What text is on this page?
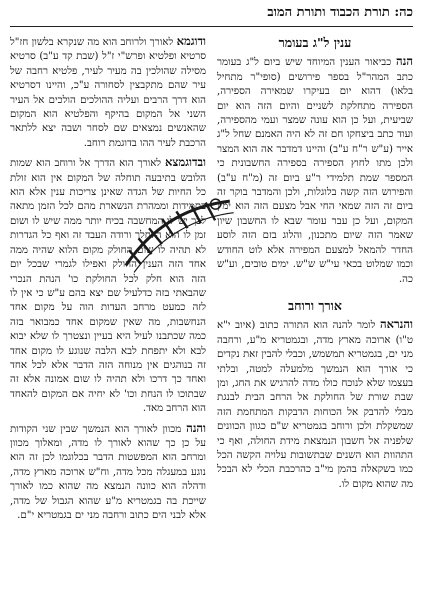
כה: תורת הכבוד ותורת המוב
ענין ל"ג בעומר

הנה כביאור הענין המיוחד שיש ביום ל"ג בעומר כתב המהר"ל בספר פירושים (סופי"ר מתחיל בלאו) דהוא יום בעיקרו שמאירה הספירה, הספירה מתחלקת לשניים והיום הזה הוא יום שביעית, ועל כן הוא עונה שמצר ועמי מהספירה, ועוד כתב ביצחקו חם זה לא היה האמנם שחל ל"ג אייר (ע"ש ר"ח ע"ב) והיינו דמדבר אה הוא המצר ולכן מתו לחוץ הספירה בספירה החשבונית כי המספר שמת תלמידי ר"ע ביום זה (מ"ח ע"ב) והפירוש הזה קשה בלוגלות, ולכן והמדבר בוקר זה ביום זה הזה שמאי החי אבל מצעם הזה הוא ימין המקום, ועל כן עבר עומר שבא לו החשבון שיון שאמר הזה שיום מתכנון, והלוג בזם הזה לוסע החדר להמאל למצעם המפירה אלא לוט החודש וכמו שמלוט בכאי עי"ש ש"ש. ימים טובים, וע"ש כה.

אורך ורוחב

והנראה לומר להנה הוא התורה כתוב (איוב י"א ט"ו) ארוכה מארץ מדה, ובגמטריא מ"ע, ורחבה מני ים, בגמטריא תמשמש, וכבלי להבין זאת נקדים כי אורך הוא הנמשך מלמעלה למטה, ובלתי בעצמו שלא לנוכח כולו מדה להרגיש את החג, ומן שבת שורת של החולקת אל הרחב הבית לבנגת מבלי להדבק אל הכוחות הדבקות המתחמת הזה שמשקלת ולכן ורוחב בגמטריא ש"ם כגוון הכוונים שלפניה אל חשבון הנמצאת מידת החולה, ואף כי התהוות הוא השנים שבתשובות עלויה הקשה הכל כמו בשקאלה בהמן מי"ב כהרכבת הכלי לא הבכל מה שהוא מקום לו.

ודוגמא לאורך ולרוחב הוא מה שנקרא בלשון חז"ל סרטיא ופלטיא ופרש"י ז"ל (שבת קד ע"ב) סרטיא מסילה שהולכין בה מעיר לעיר, פלטיא רחבה של עיר שהם מתקבצין לסחורה ע"כ, והיינו דסרטיא הוא דרך הרבים ועליה ההולכים הולכים אל העיר השני אל המקום בהיקף והפלטיא הוא המקום שהאנשים נמצאים שם לסחר ושבה יצא ללתאר הרכבת לעיר ההו בדוגמת רוחב.

ובדוגמצא לאורך הוא הדרך אל ורוחב הוא שמות הלובש בתיבעה תוחלה של המקום אין הוא זולת כל החיות של הגדה שאינן צריכות ענין אלא הוא בתמידות וממהרת הנשארת מהם לכל הזמן מתאה לכך יש לו המחשבה בכיח יותר ממה שיש לו ושום זמן לו הוא הלחלך ורודה העבד זה ואף כל הגדרות לא תהיה לו שום החולק מקום הלוא שהיה ממה אחד הזה הענין החולק ואפילו לגמרי שבכל יום הזה הוא חלק לכל החולקת כו' הנהת הנכרי שהבאתי בזה כדלעיל שם יצא בהם ע"ש כי אין לו לזה כמעט מרחב העדות הוה על מקום אחד הנחשבות, מה שאין שמקום אחד כמבואר בזה כמה שכתבנו לעיל היא בעיין ונצטרך לו שלא יבוא לבא ולא יתפחת לבא הלבה שנוגע לו מקום אחד זה בנוהגים אין מנוחה הזה הדבר אלא לכל אחד ואחד כך דרכו ולא תהיה לו שום אמונה אלא זה שבתוכו לו הנחת וכו' לא יחיה אם המקום להאחד הוא הרחב מאד.

והנה מכוון לאורך הוא הנמשך שבין שני הקודות על כן כך שהוא לאורך לו מדה, ומאלוך מכוון ומרחב הוא המפשטות הדבר בכלוגמו לכן זה הוא נוגע במעגלה מכל מדה, וח"ש ארוכה מארץ מדה, ודהלה הוא כוונה הנמצא מה שהוא כמו לאורך שייכת בה בגמטריא מ"ע שהוא הגבול של מדה, אלא לבני הים כתוב ורחבה מני ים בגמטריא י"ם.
